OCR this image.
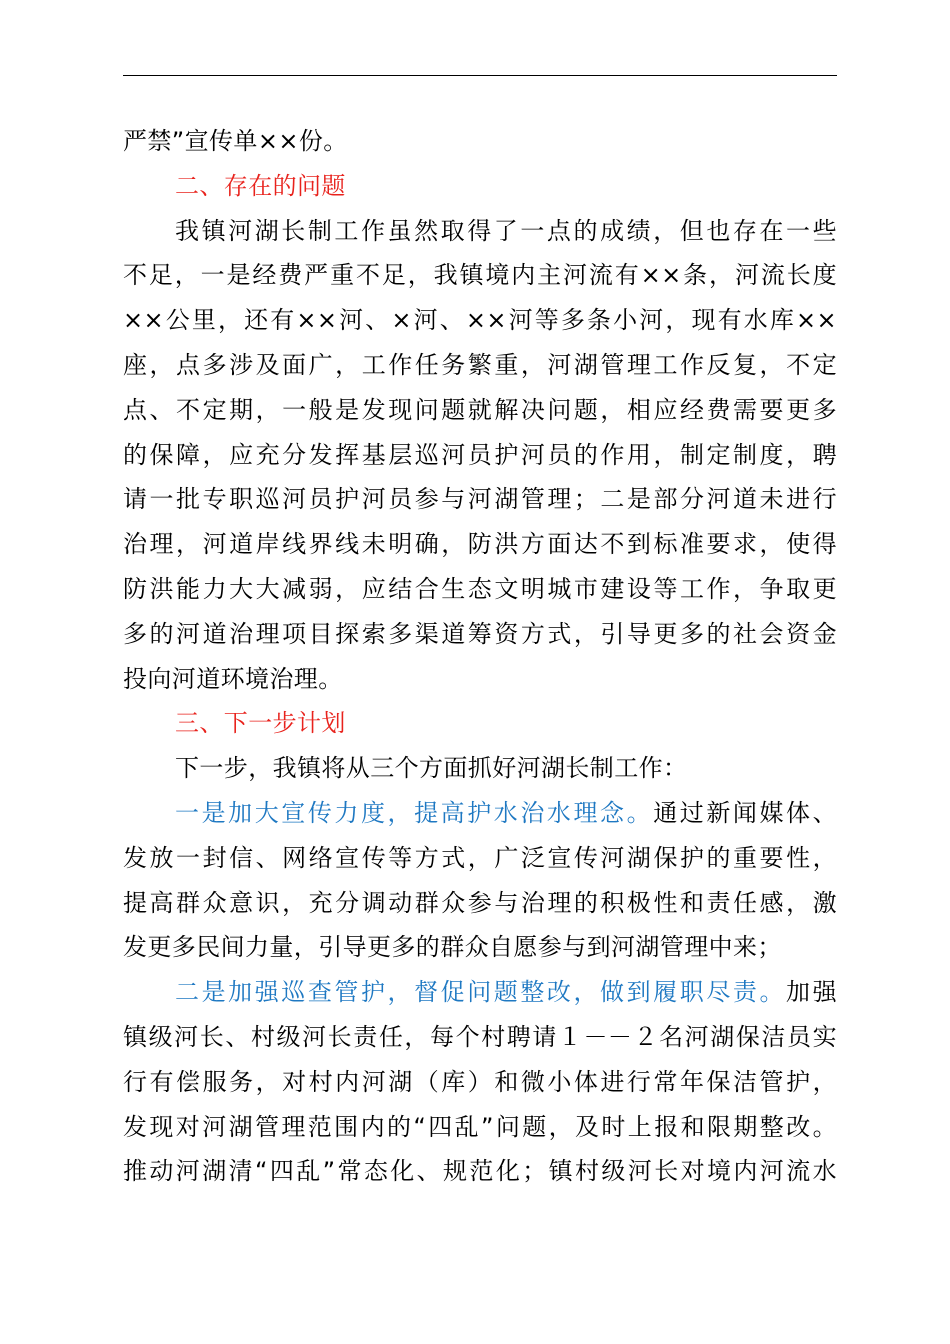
严禁”宣传单××份。
二、存在的问题
我镇河湖长制工作虽然取得了一点的成绩，但也存在一些
不足，一是经费严重不足，我镇境内主河流有××条，河流长度
××公里，还有××河、×河、××河等多条小河，现有水库××
座，点多涉及面广，工作任务繁重，河湖管理工作反复，不定
点、不定期，一般是发现问题就解决问题，相应经费需要更多
的保障，应充分发挥基层巡河员护河员的作用，制定制度，聘
请一批专职巡河员护河员参与河湖管理；二是部分河道未进行
治理，河道岸线界线未明确，防洪方面达不到标准要求，使得
防洪能力大大减弱，应结合生态文明城市建设等工作，争取更
多的河道治理项目探索多渠道筹资方式，引导更多的社会资金
投向河道环境治理。
三、下一步计划
下一步，我镇将从三个方面抓好河湖长制工作：
一是加大宣传力度，提高护水治水理念。通过新闻媒体、
发放一封信、网络宣传等方式，广泛宣传河湖保护的重要性，
提高群众意识，充分调动群众参与治理的积极性和责任感，激
发更多民间力量，引导更多的群众自愿参与到河湖管理中来；
二是加强巡查管护，督促问题整改，做到履职尽责。加强
镇级河长、村级河长责任，每个村聘请１－－２名河湖保洁员实
行有偿服务，对村内河湖（库）和微小体进行常年保洁管护，
发现对河湖管理范围内的“四乱”问题，及时上报和限期整改。
推动河湖清“四乱”常态化、规范化；镇村级河长对境内河流水
